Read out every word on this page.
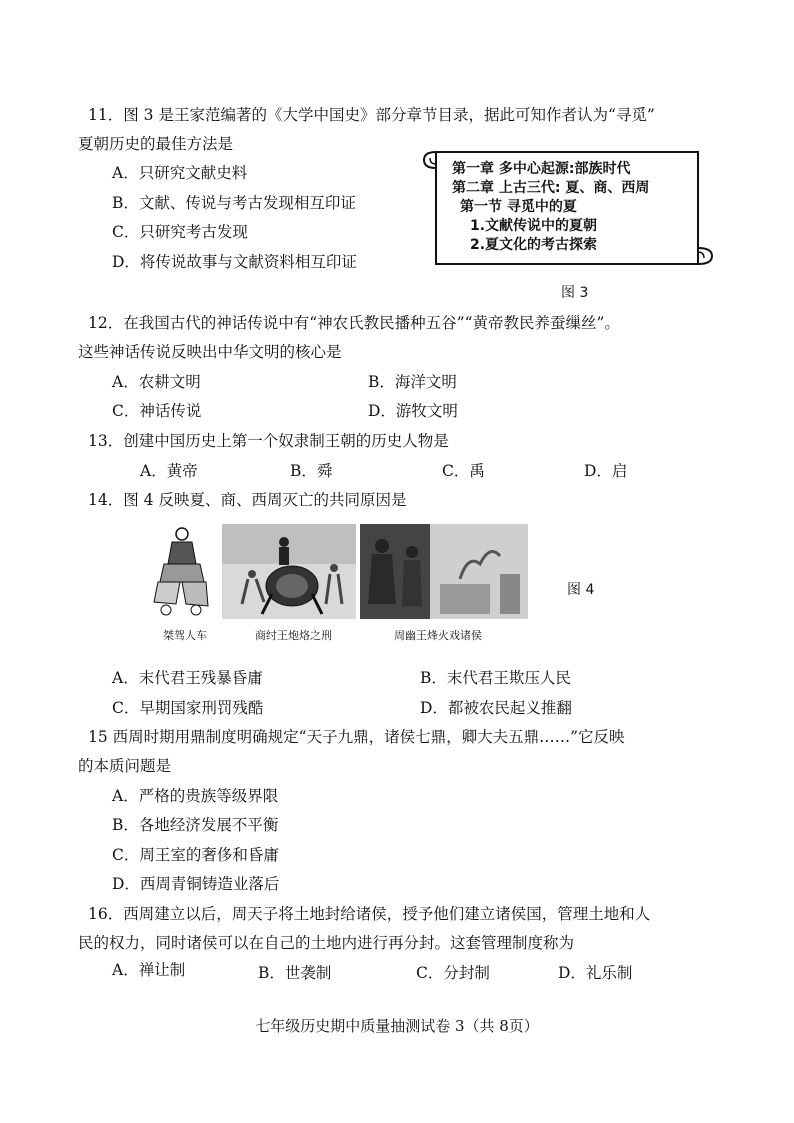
11．图 3 是王家范编著的《大学中国史》部分章节目录，据此可知作者认为“寻觅”
夏朝历史的最佳方法是
A．只研究文献史料
B．文献、传说与考古发现相互印证
C．只研究考古发现
D．将传说故事与文献资料相互印证
第一章 多中心起源:部族时代
第二章 上古三代: 夏、商、西周
第一节 寻觅中的夏
1.文献传说中的夏朝
2.夏文化的考古探索
图 3
12．在我国古代的神话传说中有“神农氏教民播种五谷”“黄帝教民养蚕缫丝”。
这些神话传说反映出中华文明的核心是
A．农耕文明	B．海洋文明
C．神话传说	D．游牧文明
13．创建中国历史上第一个奴隶制王朝的历史人物是
A．黄帝	B．舜	C．禹	D．启
14．图 4 反映夏、商、西周灭亡的共同原因是
图 4
桀驾人车	商纣王炮烙之刑	周幽王烽火戏诸侯
A．末代君王残暴昏庸	B．末代君王欺压人民
C．早期国家刑罚残酷	D．都被农民起义推翻
15 西周时期用鼎制度明确规定“天子九鼎，诸侯七鼎，卿大夫五鼎……”它反映
的本质问题是
A．严格的贵族等级界限
B．各地经济发展不平衡
C．周王室的奢侈和昏庸
D．西周青铜铸造业落后
16．西周建立以后，周天子将土地封给诸侯，授予他们建立诸侯国，管理土地和人
民的权力，同时诸侯可以在自己的土地内进行再分封。这套管理制度称为
A．禅让制	B．世袭制	C．分封制	D．礼乐制
七年级历史期中质量抽测试卷 3（共 8页）
